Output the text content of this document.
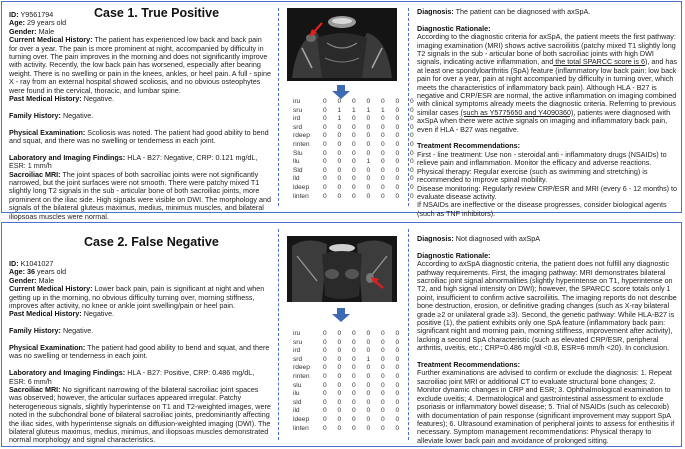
Case 1. True Positive
ID: Y9561794
Age: 29 years old
Gender: Male
Current Medical History: The patient has experienced low back and back pain for over a year. The pain is more prominent at night, accompanied by difficulty in turning over. The pain improves in the morning and does not significantly improve with activity. Recently, the low back pain has worsened, especially after bearing weight. There is no swelling or pain in the knees, ankles, or heel pain. A full - spine X - ray from an external hospital showed scoliosis, and no obvious osteophytes were found in the cervical, thoracic, and lumbar spine.
Past Medical History: Negative.
Family History: Negative.
Physical Examination: Scoliosis was noted. The patient had good ability to bend and squat, and there was no swelling or tenderness in each joint.
Laboratory and Imaging Findings: HLA - B27: Negative, CRP: 0.121 mg/dL, ESR: 1 mm/h
Sacroiliac MRI: The joint spaces of both sacroiliac joints were not significantly narrowed, but the joint surfaces were not smooth. There were patchy mixed T1 slightly long T2 signals in the sub - articular bone of both sacroiliac joints, more prominent on the iliac side. High signals were visible on DWI. The morphology and signals of the bilateral gluteus maximus, medius, minimus muscles, and bilateral iliopsoas muscles were normal.
iru	0	0	0	0	0	0	0
sru	0	1	1	1	1	0	0
ird	0	1	0	0	0	0	0
srd	0	0	0	0	0	0	0
rdeep	0	0	0	0	0	0	0
rinten	0	0	0	0	0	0	0
Slu	0	0	0	0	0	0	0
llu	0	0	0	1	0	0	0
Sld	0	0	0	0	0	0	0
lld	0	0	0	0	0	0	0
ldeep	0	0	0	0	0	0	0
linten	0	0	0	0	0	0	0
Diagnosis: The patient can be diagnosed with axSpA.
Diagnostic Rationale:
According to the diagnostic criteria for axSpA, the patient meets the first pathway: imaging examination (MRI) shows active sacroiliitis (patchy mixed T1 slightly long T2 signals in the sub - articular bone of both sacroiliac joints with high DWI signals, indicating active inflammation, and the total SPARCC score is 6), and has at least one spondyloarthritis (SpA) feature (inflammatory low back pain: low back pain for over a year, pain at night accompanied by difficulty in turning over, which meets the characteristics of inflammatory back pain). Although HLA - B27 is negative and CRP/ESR are normal, the active inflammation on imaging combined with clinical symptoms already meets the diagnostic criteria. Referring to previous similar cases (such as Y5775650 and Y4090360), patients were diagnosed with axSpA when there were active signals on imaging and inflammatory back pain, even if HLA - B27 was negative.
Treatment Recommendations:
First - line treatment: Use non - steroidal anti - inflammatory drugs (NSAIDs) to relieve pain and inflammation. Monitor the efficacy and adverse reactions.
Physical therapy: Regular exercise (such as swimming and stretching) is recommended to improve spinal mobility.
Disease monitoring: Regularly review CRP/ESR and MRI (every 6 - 12 months) to evaluate disease activity.
If NSAIDs are ineffective or the disease progresses, consider biological agents (such as TNF inhibitors).
Case 2. False Negative
ID: K1041027
Age: 36 years old
Gender: Male
Current Medical History: Lower back pain, pain is significant at night and when getting up in the morning, no obvious difficulty turning over, morning stiffness, improves after activity, no knee or ankle joint swelling/pain or heel pain.
Past Medical History: Negative.
Family History: Negative.
Physical Examination: The patient had good ability to bend and squat, and there was no swelling or tenderness in each joint.
Laboratory and Imaging Findings: HLA - B27: Positive, CRP: 0.486 mg/dL, ESR: 6 mm/h
Sacroiliac MRI: No significant narrowing of the bilateral sacroiliac joint spaces was observed; however, the articular surfaces appeared irregular. Patchy heterogeneous signals, slightly hyperintense on T1 and T2-weighted images, were noted in the subchondral bone of bilateral sacroiliac joints, predominantly affecting the iliac sides, with hyperintense signals on diffusion-weighted imaging (DWI). The bilateral gluteus maximus, medius, minimus, and iliopsoas muscles demonstrated normal morphology and signal characteristics.
iru	0	0	0	0	0	0
sru	0	0	0	0	0	0
ird	0	0	0	0	0	0
srd	0	0	0	1	0	0
rdeep	0	0	0	0	0	0
rinten	0	0	0	0	0	0
slu	0	0	0	0	0	0
ilu	0	0	0	0	0	0
sld	0	0	0	0	0	0
ild	0	0	0	0	0	0
ldeep	0	0	0	0	0	0
linten	0	0	0	0	0	0
Diagnosis: Not diagnosed with axSpA
Diagnostic Rationale:
According to axSpA diagnostic criteria, the patient does not fulfill any diagnostic pathway requirements. First, the imaging pathway: MRI demonstrates bilateral sacroiliac joint signal abnormalities (slightly hyperintense on T1, hyperintense on T2, and high signal intensity on DWI); however, the SPARCC score totals only 1 point, insufficient to confirm active sacroiliitis. The imaging reports do not describe bone destruction, erosion, or definitive grading changes (such as X-ray bilateral grade ≥2 or unilateral grade ≥3). Second, the genetic pathway: While HLA-B27 is positive (1), the patient exhibits only one SpA feature (inflammatory back pain: significant night and morning pain, morning stiffness, improvement after activity), lacking a second SpA characteristic (such as elevated CRP/ESR, peripheral arthritis, uveitis, etc.; CRP=0.486 mg/dl <0.8, ESR=6 mm/h <20). In conclusion.
Treatment Recommendations:
Further examinations are advised to confirm or exclude the diagnosis: 1. Repeat sacroiliac joint MRI or additional CT to evaluate structural bone changes; 2. Monitor dynamic changes in CRP and ESR; 3. Ophthalmological examination to exclude uveitis; 4. Dermatological and gastrointestinal assessment to exclude psoriasis or inflammatory bowel disease; 5. Trial of NSAIDs (such as celecoxib) with documentation of pain response (significant improvement may support SpA features); 6. Ultrasound examination of peripheral joints to assess for enthesitis if necessary. Symptom management recommendations: Physical therapy to alleviate lower back pain and avoidance of prolonged sitting.
